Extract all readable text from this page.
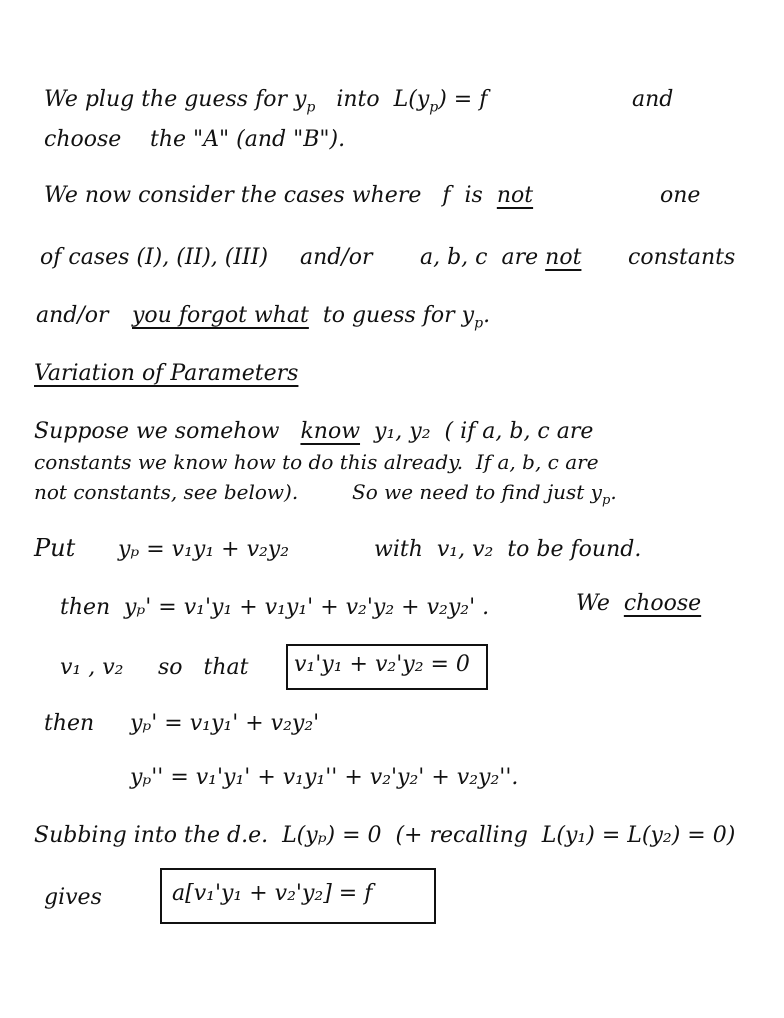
We plug the guess for $y_p$ into $L(y_p) = f$	and
choose the "A" (and "B").
We now consider the cases where f is not	one
of cases (I), (II), (III) and/or a, b, c are not constants
and/or you forgot what to guess for $y_p$.
Variation of Parameters
Suppose we somehow know y₁, y₂  ( if a, b, c are
constants we know how to do this already.  If a, b, c are
not constants, see below).	So we need to find just $y_p$.
Put yₚ = v₁y₁ + v₂y₂	with  v₁, v₂  to be found.
then yₚ' = v₁'y₁ + v₁y₁' + v₂'y₂ + v₂y₂' .	We choose
v₁ , v₂ so   that v₁'y₁ + v₂'y₂ = 0
then yₚ' = v₁y₁' + v₂y₂'
yₚ'' = v₁'y₁' + v₁y₁'' + v₂'y₂' + v₂y₂''.
Subbing into the d.e.  L(yₚ) = 0  (+ recalling  L(y₁) = L(y₂) = 0)
gives	a[v₁'y₁ + v₂'y₂] = f
